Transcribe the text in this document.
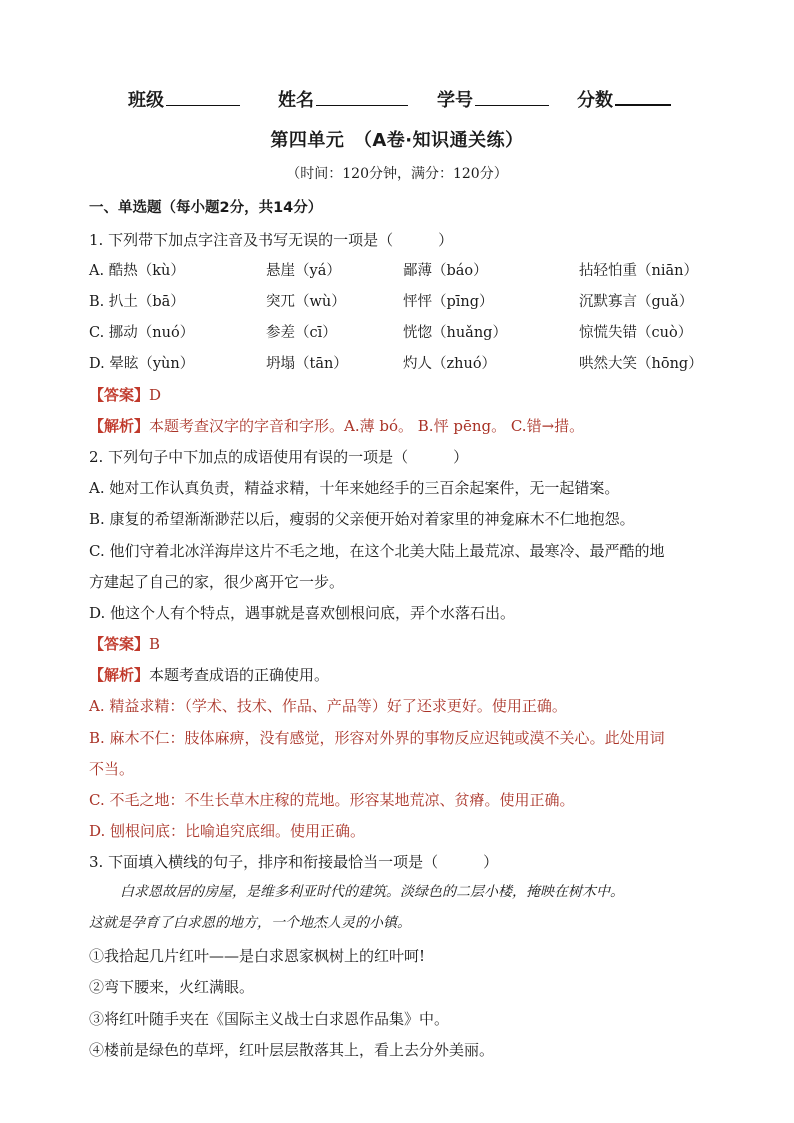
班级	姓名	学号	分数
第四单元　（A卷·知识通关练）
（时间：120分钟，满分：120分）
一、单选题（每小题2分，共14分）
1. 下列带下加点字注音及书写无误的一项是（　　　）
A. 酷热（kù）	悬崖（yá）	鄙薄（báo）	拈轻怕重（niān）
B. 扒土（bā）	突兀（wù）	怦怦（pīng）	沉默寡言（guǎ）
C. 挪动（nuó）	参差（cī）	恍惚（huǎng）	惊慌失错（cuò）
D. 晕眩（yùn）	坍塌（tān）	灼人（zhuó）	哄然大笑（hōng）
【答案】D
【解析】本题考查汉字的字音和字形。A.薄 bó。 B.怦 pēng。 C.错→措。
2. 下列句子中下加点的成语使用有误的一项是（　　　）
A. 她对工作认真负责，精益求精，十年来她经手的三百余起案件，无一起错案。
B. 康复的希望渐渐渺茫以后，瘦弱的父亲便开始对着家里的神龛麻木不仁地抱怨。
C. 他们守着北冰洋海岸这片不毛之地，在这个北美大陆上最荒凉、最寒冷、最严酷的地
方建起了自己的家，很少离开它一步。
D. 他这个人有个特点，遇事就是喜欢刨根问底，弄个水落石出。
【答案】B
【解析】本题考查成语的正确使用。
A. 精益求精：（学术、技术、作品、产品等）好了还求更好。使用正确。
B. 麻木不仁：肢体麻痹，没有感觉，形容对外界的事物反应迟钝或漠不关心。此处用词
不当。
C. 不毛之地：不生长草木庄稼的荒地。形容某地荒凉、贫瘠。使用正确。
D. 刨根问底：比喻追究底细。使用正确。
3. 下面填入横线的句子，排序和衔接最恰当一项是（　　　）
白求恩故居的房屋，是维多利亚时代的建筑。淡绿色的二层小楼，掩映在树木中。
这就是孕育了白求恩的地方，一个地杰人灵的小镇。
①我拾起几片红叶——是白求恩家枫树上的红叶呵!
②弯下腰来，火红满眼。
③将红叶随手夹在《国际主义战士白求恩作品集》中。
④楼前是绿色的草坪，红叶层层散落其上，看上去分外美丽。
